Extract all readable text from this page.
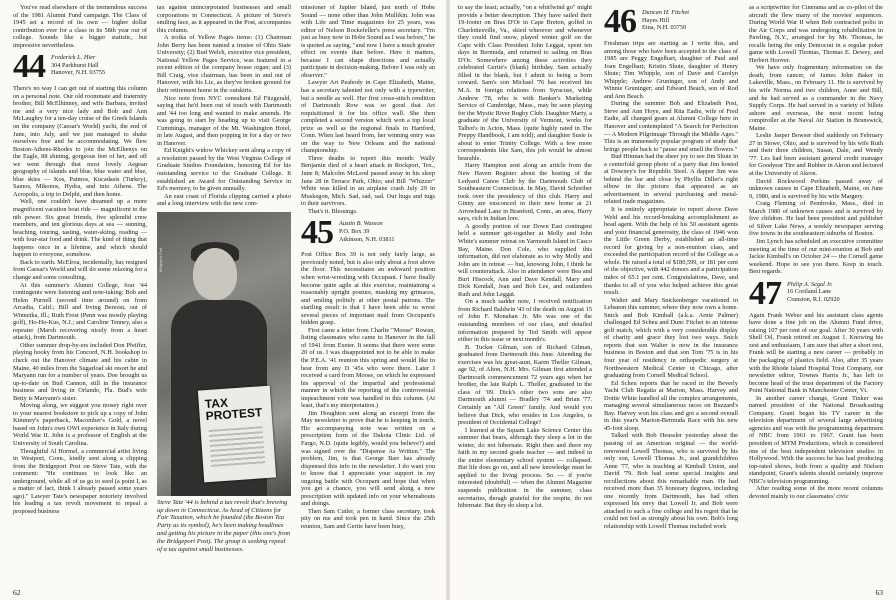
You've read elsewhere of the tremendous success of the 1981 Alumni Fund campaign. The Class of 1945 set a record of its own — higher dollar contribution ever for a class in its 58th year out of college. Sounds like a bigger statistic, but impressive nevertheless.

44 Frederick L. Hier
304 Parkhurst Hall
Hanover, N.H. 03755

There's no way I can get out of starting this column on a personal note. Our old roommate and fraternity brother, Bill McElhinney, and wife Barbara, invited me and a very nice lady and Bob and Ann McLaughry for a ten-day cruise of the Greek Islands on the company (Caesar's World) yacht, the end of June, into July, and we just managed to shake ourselves free and be accommodating. We flew Boston-Athens-Rhodes to join the McElhenys on the Eagle, 88 shining, gorgeous feet of her, and off we went through that most lovely Aegean geography of islands and blue, blue water and blue, blue skies — Kos, Patmos, Kucadasis (Turkey), Samos, Mikonos, Hydra, and into Athens. The Acropolis, a trip to Delphi, and then home.

Well, one couldn't have dreamed up a more magnificent vacation boat ride — magnificent to the nth power. Six great friends, five splendid crew members, and ten glorious days at sea — sunning, beaching, touring, tasting, water-skiing, reading — with four-star food and drink. The kind of thing that happens once in a lifetime, and which should happen to everyone, somehow.

Back to earth. McElroa, incidentally, has resigned from Caesar's World and will do some relaxing for a change and some consulting.

At this summer's Alumni College, four '44 contingents were listening and note-taking: Bob and Helen Purnell (second time around) on from Arcadia, Calif.; Bill and Irving Benoist, out of Winnetka, Ill.; Ruth Frost (Penn was mostly playing golf), Ho-Ho-Kus, N.J.; and Caroline Tenney, also a repeater (Marsh recovering nicely from a heart attack), from Dartmouth.

Other summer drop-by-ers included Don Pfeiffer, playing hooky from his Concord, N.H. bookshop to check out the Hanover climate and his cabin in Maine, 40 miles from the Sugarloaf ski resort he and Maryann run for a number of years. Doe brought us up-to-date on Bud Cannon, still in the insurance business and living in Orlando, Fla. Bud's wife Betty is Maryann's sister.

Moving along, we suggest you mosey right over to your nearest bookstore to pick up a copy of John Kimmey's paperback, Macomber's Gold, a novel based on John's own OWI experience in Italy during World War II. John is a professor of English at the University of South Carolina.

Thoughtful Al Hormel, a commercial artist living in Westport, Conn., kindly sent along a clipping from the Bridgeport Post on Steve Tate, with the comment: "He continues to look like an underground, while all of us go to seed (a point I, as a matter of fact, think I already passed some years ago)." Lawyer Tate's newspaper notoriety involved his leading a tax revolt movement to repeal a proposed business

tax against unincorporated businesses and small corporations in Connecticut. A picture of Steve's smiling face, as it appeared in the Post, accompanies this column.

A troika of Yellow Pages items: (1) Chairman John Berry has been named a trustee of Ohio State University; (2) Bud Welch, executive vice president, National Yellow Pages Service, was featured in a recent edition of the company house organ; and (3) Bill Craig, vice chairman, has been in and out of Hanover, with his Liz, as they've broken ground for their retirement home in the outskirts.

Nice note from NYC consultant Ed Fitzgerald, saying that he'd been out of touch with Dartmouth and '44 too long and wanted to make amends. He was going to start by heading up to visit George Cummings, manager of the Mt. Washington Hotel, in late August, and then popping in for a day or two in Hanover.

Ed Knight's widow Whickey sent along a copy of a resolution passed by the West Virginia College of Graduate Studies Foundation, honoring Ed for his outstanding service to the Graduate College. It established an Award for Outstanding Service in Ed's memory, to be given annually.

An east coast of Florida clipping carried a photo and a long interview with the new com-

TAX PROTEST
Bridgeport Post
Steve Tate '44 is behind a tax revolt that's brewing up down in Connecticut. As head of Citizens for Fair Taxation, which he founded (the Boston Tea Party as its symbol), he's been making headlines and getting his picture in the paper (this one's from the Bridgeport Post). The group is seeking repeal of a tax against small businesses.

missioner of Jupiter Island, just north of Hobe Sound — none other than John Mullikin. John was with Life and Time magazines for 25 years, was editor of Nelson Rockefeller's press secretary. "I'm just as busy now in Hobe Sound as I was before," he is quoted as saying, "and now I have a much greater effect on events than before. Here it matters, because I can shape directions and actually participate in decision-making. Before I was only an observer."

Lawyer Art Peabody in Cape Elizabeth, Maine, has a secretary talented not only with a typewriter, but a needle as well. Her first cross-stitch rendition of Dartmouth Row was so good that Art requisitioned it for his office wall. She then completed a second version which won a top local prize as well as the regional finals in Hartford, Conn. When last heard from, her winning entry was on the way to New Orleans and the national championship.

Three deaths to report this month: Wally Benjamin died of a heart attack in Rockport, Tex., June 8; Malcolm McLeod passed away in his sleep June 28 in Terrace Park, Ohio; and Bill "Whizzer" White was killed in an airplane crash July 29 in Muskegon, Mich. Sad, sad, sad. Our hugs and tugs to their survivors.

That's it. Blessings.

45 Austin B. Wasson
P.O. Box 39
Atkinson, N.H. 03811

Post Office Box 39 is not only fairly large, as previously noted, but is also only about a foot above the floor. This necessitates an awkward position when wrist-wrestling with Occupant. I have finally become quite agile at this exercise, maintaining a reasonably upright posture, masking my grimaces, and smiling politely at other postal patrons. The startling result is that I have been able to wrest several pieces of important mail from Occupant's hidden grasp.

First came a letter from Charlie "Moose" Rowan, listing classmates who came to Hanover in the fall of 1941 from Exeter. It seems that there were some 20 of us. I was disappointed not to be able to make the P.E.A. '41 reunion this spring and would like to hear from any D '45s who were there. Later I received a card from Moose, on which he expressed his approval of the impartial and professional manner in which the reporting of the controversial impeachment vote was handled in this column. (At least, that's my interpretation.)

Jim Houghton sent along an excerpt from the May newsletter to prove that he is keeping in touch. His accompanying note was written on a prescription form of the Dakota Clinic Ltd. of Fargo, N.D. (quite legibly, would you believe?) and was signed over the "Dispense As Written." The problem, Jim, is that George Barr has already dispensed this info in the newsletter. I do want you to know that I appreciate your support in my ongoing battle with Occupant and hope that when you get a chance, you will send along a new prescription with updated info on your whereabouts and doings.

Then Sam Cutler, a former class secretary, took pity on me and took pen in hand. Since the 25th reunion, Sam and Gertie have been busy,

62

to say the least; actually, "on a whirlwind go" might provide a better description. They have sailed their 19-footer on Bras D'Or in Cape Breton, golfed in Charlottesville, Va., skied wherever and whenever they could find snow, played winter golf on the Cape with Class President John Leggat, spent ten days in Bermuda, and returned to sailing on Bras D'Or. Somewhere among these activities they celebrated Gertie's (blank) birthday. Sam actually filled in the blank, but I admit to being a born coward. Sam's son Michael '76 has received his M.A. in foreign relations from Syracuse, while Andrew '78, who is with Banker's Marketing Service of Cambridge, Mass., may be seen playing for the Mystic River Rugby Club. Daughter Marty, a graduate of the University of Vermont, works for Talbot's in Acton, Mass. (quite highly rated in The Preppy Handbook, I am told); and daughter Susie is about to enter Trinity College. With a few more correspondents like Sam, this job would be almost bearable.

Harry Hampton sent along an article from the New Haven Register about the hosting of the Ledyard Canoe Club by the Dartmouth Club of Southeastern Connecticut. In May, David Schreiber took over the presidency of this club. Harry and Ginny are ensconced in their new home at 21 Arrowhead Lane in Branford, Conn., an area, Harry says, rich in Indian lore.

A goodly portion of our Down East contingent held a summer get-together at Molly and John White's summer retreat on Yarmouth Island in Casco Bay, Maine. Don Cole, who supplied this information, did not elaborate as to why Molly and John are in retreat — but, knowing John, I think he will counterattack. Also in attendance were Bea and Burt Hiscock, Ann and Dave Kendall, Mary and Dick Kendall, Jean and Bob Lee, and outlanders Ruth and John Leggat.

On a much sadder note, I received notification from Richard Baldwin '43 of the death on August 15 of John F. Monahan Jr. Mo was one of the outstanding members of our class, and detailed information prepared by Ted Smith will appear either in this issue or next month's.

B. Tucker Gilman, son of Richard Gilman, graduated from Dartmouth this June. Attending the exercises was his great-aunt, Karen Theller Gilman, age 92, of Alton, N.H. Mrs. Gilman first attended a Dartmouth commencement 72 years ago when her brother, the late Ralph L. Theller, graduated in the class of '09. Dick's other two sons are also Dartmouth alumni — Bradley '74 and Brian '77. Certainly an "All Green" family. And would you believe that Dick, who resides in Los Angeles, is president of Occidental College?

I learned at the Squam Lake Science Center this summer that bears, although they sleep a lot in the winter, do not hibernate. Right then and there my faith in my second grade teacher — and indeed in the entire elementary school system — collapsed. But life does go on, and all new knowledge must be applied to the living process. So — if you're interested (doubtful) — when the Alumni Magazine suspends publication in the summer, class secretaries, though grateful for the respite, do not hibernate. But they do sleep a lot.

46 Duncan H. Fitchet
Hayes Hill
Etna, N.H. 03750

Freshman trips are starting as I write this, and among those who have been accepted to the class of 1985 are Peggy Engelhart, daughter of Paul and Joan Engelhart; Kristin Shute, daughter of Henry Shute; Tim Whipple, son of Dave and Carolyn Whipple; Andrew Gruninger, son of Andy and Winnie Gruninger; and Edward Beach, son of Rod and Ann Beach.

During the summer Bob and Elizabeth Post, Steve and Ann Hoye, and Rita Eadie, wife of Fred Eadie, all changed gears at Alumni College here in Hanover and contemplated "A Search for Perfection — A Modern Pilgrimage Through the Middle Ages." This is an immensely popular program of study that brings people back to "pause and smell the flowers."

Bud Hinman had the sheer joy to see Jim Shute in a centerfold group photo of a party that Jim hosted at Downey's for Republic Steel. A dapper Jim was behind the bar and close by Phyllis Diller's right elbow in the picture that appeared as an advertisement in several purchasing and metal-related trade magazines.

It is entirely appropriate to report above Dave Weld and his record-breaking accomplishment as head agent. With the help of his 50 assistant agents and your financial generosity, the class of 1946 won the Little Green Derby, established an all-time record for giving by a non-reunion class, and exceeded the participation record of the College as a whole. He raised a total of $180,599, or 181 per cent of the objective, with 442 donors and a participation index of 65.1 per cent. Congratulations, Dave, and thanks to all of you who helped achieve this great result.

Walter and Mary Snickenberger vacationed in Lebanon this summer, where they now own a home. Snick and Bob Kimball (a.k.a. Arnie Palmer) challenged Ed Scheu and Dunc Fitchet to an intense golf match, which with a very considerable display of charity and grace they lost two ways. Snick reports that son Walter is now in the insurance business in Boston and that son Tom '75 is in his four year of residency in orthopedic surgery at Northwestern Medical Center in Chicago, after graduating from Cornell Medical School.

Ed Scheu reports that he raced in the Beverly Yacht Club Regatta at Marion, Mass. Harvey and Dottie White handled all the complex arrangements, managing several simultaneous races on Buzzard's Bay. Harvey won his class and got a second overall in this year's Marion-Bermuda Race with his new 45-foot sloop.

Talked with Bob Heussler yesterday about the passing of an American original — the world-renowned Lowell Thomas, who is survived by his only son, Lowell Thomas Jr., and grandchildren Anne '77, who is teaching at Kimball Union, and David '79. Bob had some special insights and recollections about this remarkable man. He had received more than 35 honorary degrees, including one recently from Dartmouth, has had often expressed his envy that Lowell Jr. and Bob were attached to such a fine college and his regret that he could not feel as strongly about his own. Bob's long relationship with Lowell Thomas included work

as a scriptwriter for Cinerama and as co-pilot of the aircraft the flew many of the movies' sequences. During World War II when Bob contracted polio in the Air Corps and was undergoing rehabilitation in Pawling, N.Y., arranged for by Mr. Thomas, he recalls being the only Democrat in a regular poker game with Lowell Thomas, Thomas E. Dewey, and Herbert Hoover.

We have only fragmentary information on the death, from cancer, of James John Baker in Lakeville, Mass., on February 11. He is survived by his wife Norma and two children, Anne and Bill, and he had served as a commander in the Navy Supply Corps. He had served in a variety of billets ashore and overseas, the most recent being comptroller at the Naval Air Station in Brunswick, Maine.

Leslie Jasper Bowser died suddenly on February 27 in Stowe, Ohio, and is survived by his wife Ruth and their three children, Susan, Dale, and Wendy '77. Les had been assistant general credit manager for Goodyear Tire and Rubber in Akron and lectured at the University of Akron.

David Rockwood Perkins passed away of unknown causes in Cape Elizabeth, Maine, on June 9, 1980, and is survived by his wife Margery.

Craig Fleming of Pembroke, Mass., died in March 1980 of unknown causes and is survived by five children. He had been president and publisher of Silver Lake News, a weekly newspaper serving five towns in the southeastern suburbs of Boston.

Jim Lynch has scheduled an executive committee meeting at the time of our mini-reunion at Bob and Jackie Kimball's on October 24 — the Cornell game weekend. Hope to see you there. Keep in touch. Best regards.

47 Philip A. Segal Jr.
16 Cortland Lane
Cranston, R.I. 02920

Again Frank Weber and his assistant class agents have done a fine job on the Alumni Fund drive, raising 107 per cent of our goal. After 30 years with Shell Oil, Frank retired on August 1. Knowing his zest and enthusiasm, I am sure that after a short rest, Frank will be starting a new career — probably in the packaging of plastics field. Also, after 35 years with the Rhode Island Hospital Trust Company, our newsletter editor, Townes Harris Jr., has left to become head of the trust department of the Factory Point National Bank in Manchester Center, Vt.

In another career change, Grant Tinker was named president of the National Broadcasting Company. Grant began his TV career in the television department of several large advertising agencies and was with the programming department of NBC from 1961 to 1967. Grant has been president of MTM Productions, which is considered one of the best independent television studios in Hollywood. With the success he has had producing top-rated shows, both from a quality and Nielsen standpoint, Grant's talents should certainly improve NBC's television programming.

After reading some of the more recent columns devoted mainly to our classmates' civic

63
